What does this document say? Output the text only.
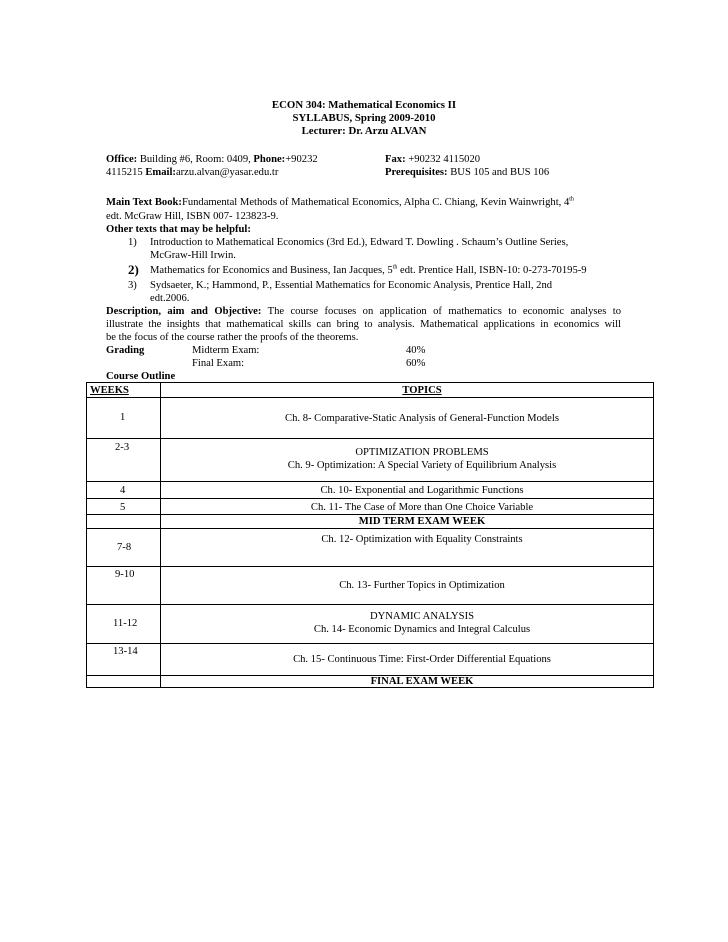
ECON 304: Mathematical Economics II
SYLLABUS, Spring 2009-2010
Lecturer: Dr. Arzu ALVAN
Office: Building #6, Room: 0409, Phone:+90232	Fax: +90232 4115020
4115215 Email:arzu.alvan@yasar.edu.tr	Prerequisites: BUS 105 and BUS 106
Main Text Book:Fundamental Methods of Mathematical Economics, Alpha C. Chiang, Kevin Wainwright, 4th
edt. McGraw Hill, ISBN 007- 123823-9.
Other texts that may be helpful:
1) Introduction to Mathematical Economics (3rd Ed.), Edward T. Dowling . Schaum’s Outline Series,
McGraw-Hill Irwin.
2) Mathematics for Economics and Business, Ian Jacques, 5th edt. Prentice Hall, ISBN-10: 0-273-70195-9
3) Sydsaeter, K.; Hammond, P., Essential Mathematics for Economic Analysis, Prentice Hall, 2nd
edt.2006.
Description, aim and Objective: The course focuses on application of mathematics to economic analyses to
illustrate the insights that mathematical skills can bring to analysis. Mathematical applications in economics will
be the focus of the course rather the proofs of the theorems.
Grading	Midterm Exam:	40%
Final Exam:	60%
Course Outline
WEEKS	TOPICS
1	Ch. 8- Comparative-Static Analysis of General-Function Models
2-3	OPTIMIZATION PROBLEMS
Ch. 9- Optimization: A Special Variety of Equilibrium Analysis

4	Ch. 10- Exponential and Logarithmic Functions
5	Ch. 11- The Case of More than One Choice Variable
	MID TERM EXAM WEEK
7-8	Ch. 12- Optimization with Equality Constraints
9-10	Ch. 13- Further Topics in Optimization
11-12	DYNAMIC ANALYSIS
Ch. 14- Economic Dynamics and Integral Calculus

13-14	Ch. 15- Continuous Time: First-Order Differential Equations
	FINAL EXAM WEEK
